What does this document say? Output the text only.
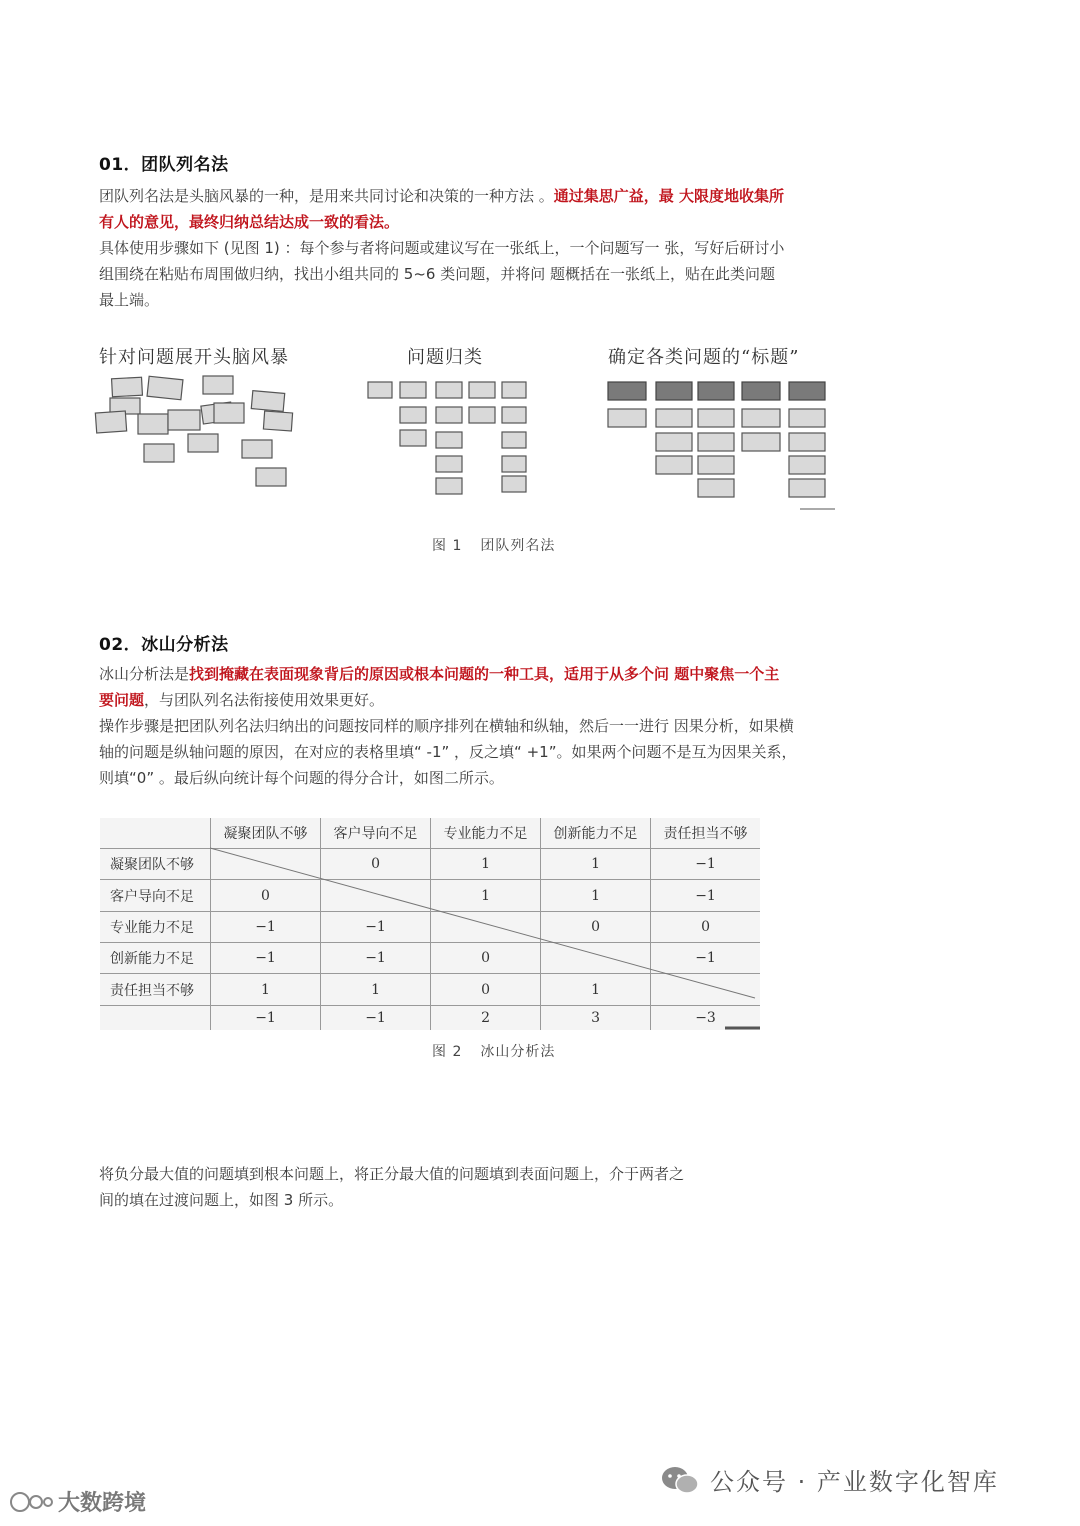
01．团队列名法
团队列名法是头脑风暴的一种，是用来共同讨论和决策的一种方法 。通过集思广益，最 大限度地收集所
有人的意见，最终归纳总结达成一致的看法。
具体使用步骤如下 (见图 1) ：每个参与者将问题或建议写在一张纸上，一个问题写一 张，写好后研讨小
组围绕在粘贴布周围做归纳，找出小组共同的 5~6 类问题，并将问 题概括在一张纸上，贴在此类问题
最上端。
针对问题展开头脑风暴	问题归类	确定各类问题的“标题”
图 1 团队列名法
02．冰山分析法
冰山分析法是找到掩藏在表面现象背后的原因或根本问题的一种工具，适用于从多个问 题中聚焦一个主
要问题，与团队列名法衔接使用效果更好。
操作步骤是把团队列名法归纳出的问题按同样的顺序排列在横轴和纵轴，然后一一进行 因果分析，如果横
轴的问题是纵轴问题的原因，在对应的表格里填“ -1” ，反之填“ +1”。如果两个问题不是互为因果关系，
则填“0” 。最后纵向统计每个问题的得分合计，如图二所示。
	凝聚团队不够	客户导向不足	专业能力不足	创新能力不足	责任担当不够
凝聚团队不够		0	1	1	−1
客户导向不足	0		1	1	−1
专业能力不足	−1	−1		0	0
创新能力不足	−1	−1	0		−1
责任担当不够	1	1	0	1	
	−1	−1	2	3	−3
图 2 冰山分析法
将负分最大值的问题填到根本问题上，将正分最大值的问题填到表面问题上，介于两者之
间的填在过渡问题上，如图 3 所示。
公众号 · 产业数字化智库
大数跨境
